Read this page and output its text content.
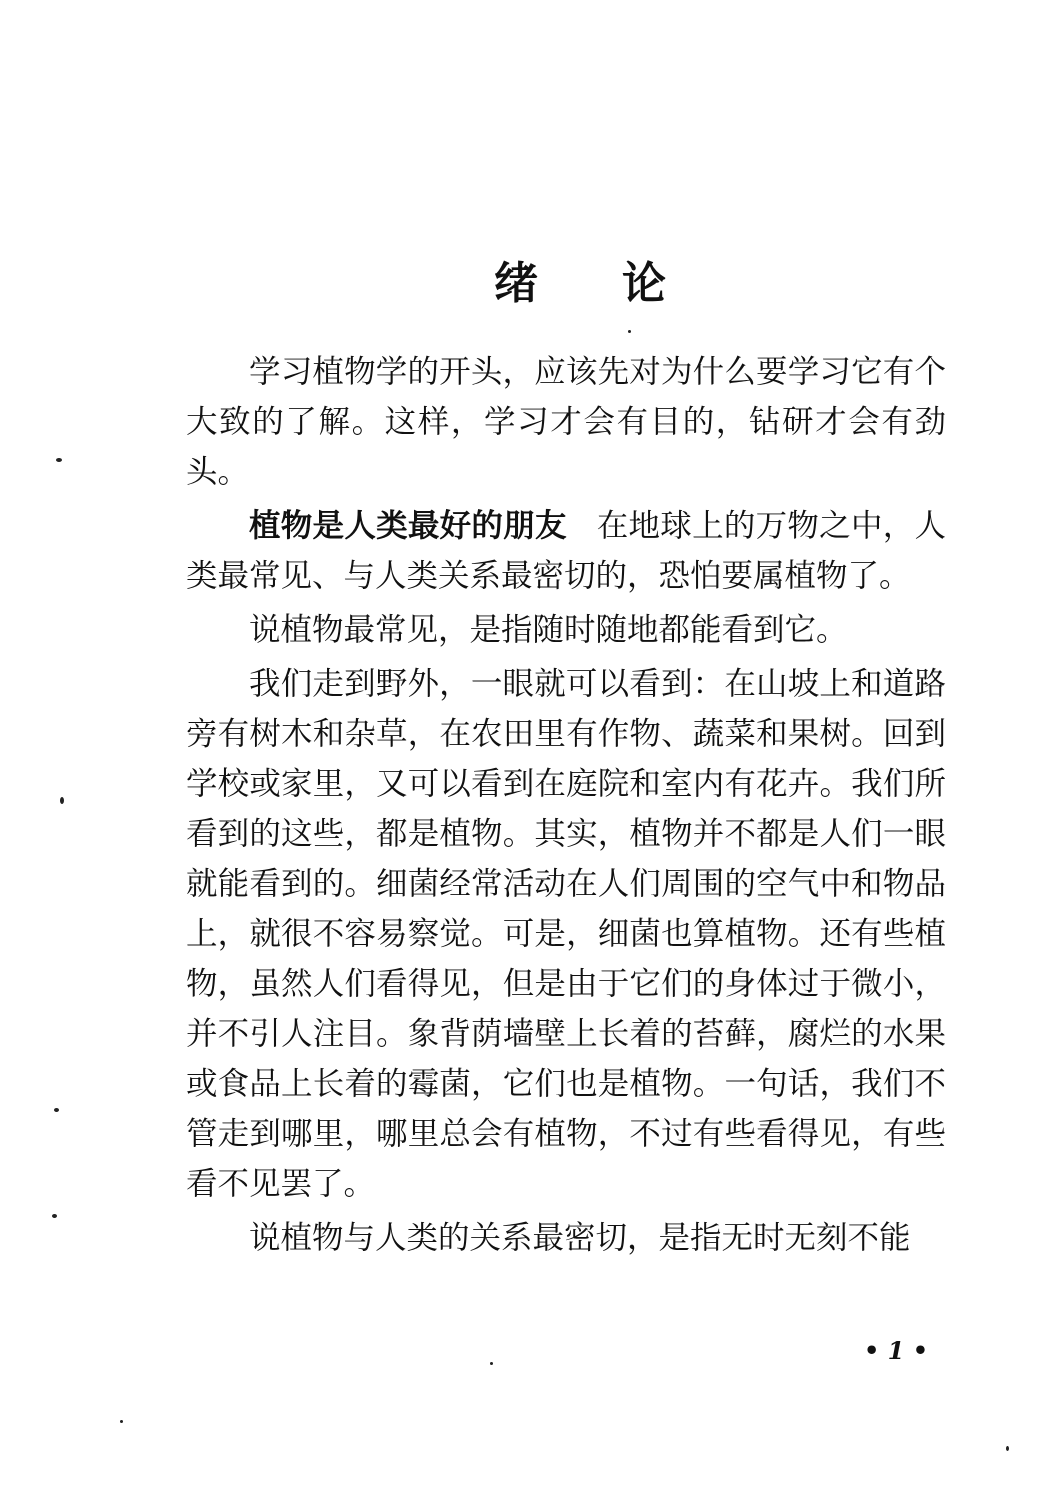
绪 论

学习植物学的开头，应该先对为什么要学习它有个大致的了解。这样，学习才会有目的，钻研才会有劲头。

植物是人类最好的朋友 在地球上的万物之中，人类最常见、与人类关系最密切的，恐怕要属植物了。

说植物最常见，是指随时随地都能看到它。

我们走到野外，一眼就可以看到：在山坡上和道路旁有树木和杂草，在农田里有作物、蔬菜和果树。回到学校或家里，又可以看到在庭院和室内有花卉。我们所看到的这些，都是植物。其实，植物并不都是人们一眼就能看到的。细菌经常活动在人们周围的空气中和物品上，就很不容易察觉。可是，细菌也算植物。还有些植物，虽然人们看得见，但是由于它们的身体过于微小，并不引人注目。象背荫墙壁上长着的苔藓，腐烂的水果或食品上长着的霉菌，它们也是植物。一句话，我们不管走到哪里，哪里总会有植物，不过有些看得见，有些看不见罢了。

说植物与人类的关系最密切，是指无时无刻不能

• 1 •
